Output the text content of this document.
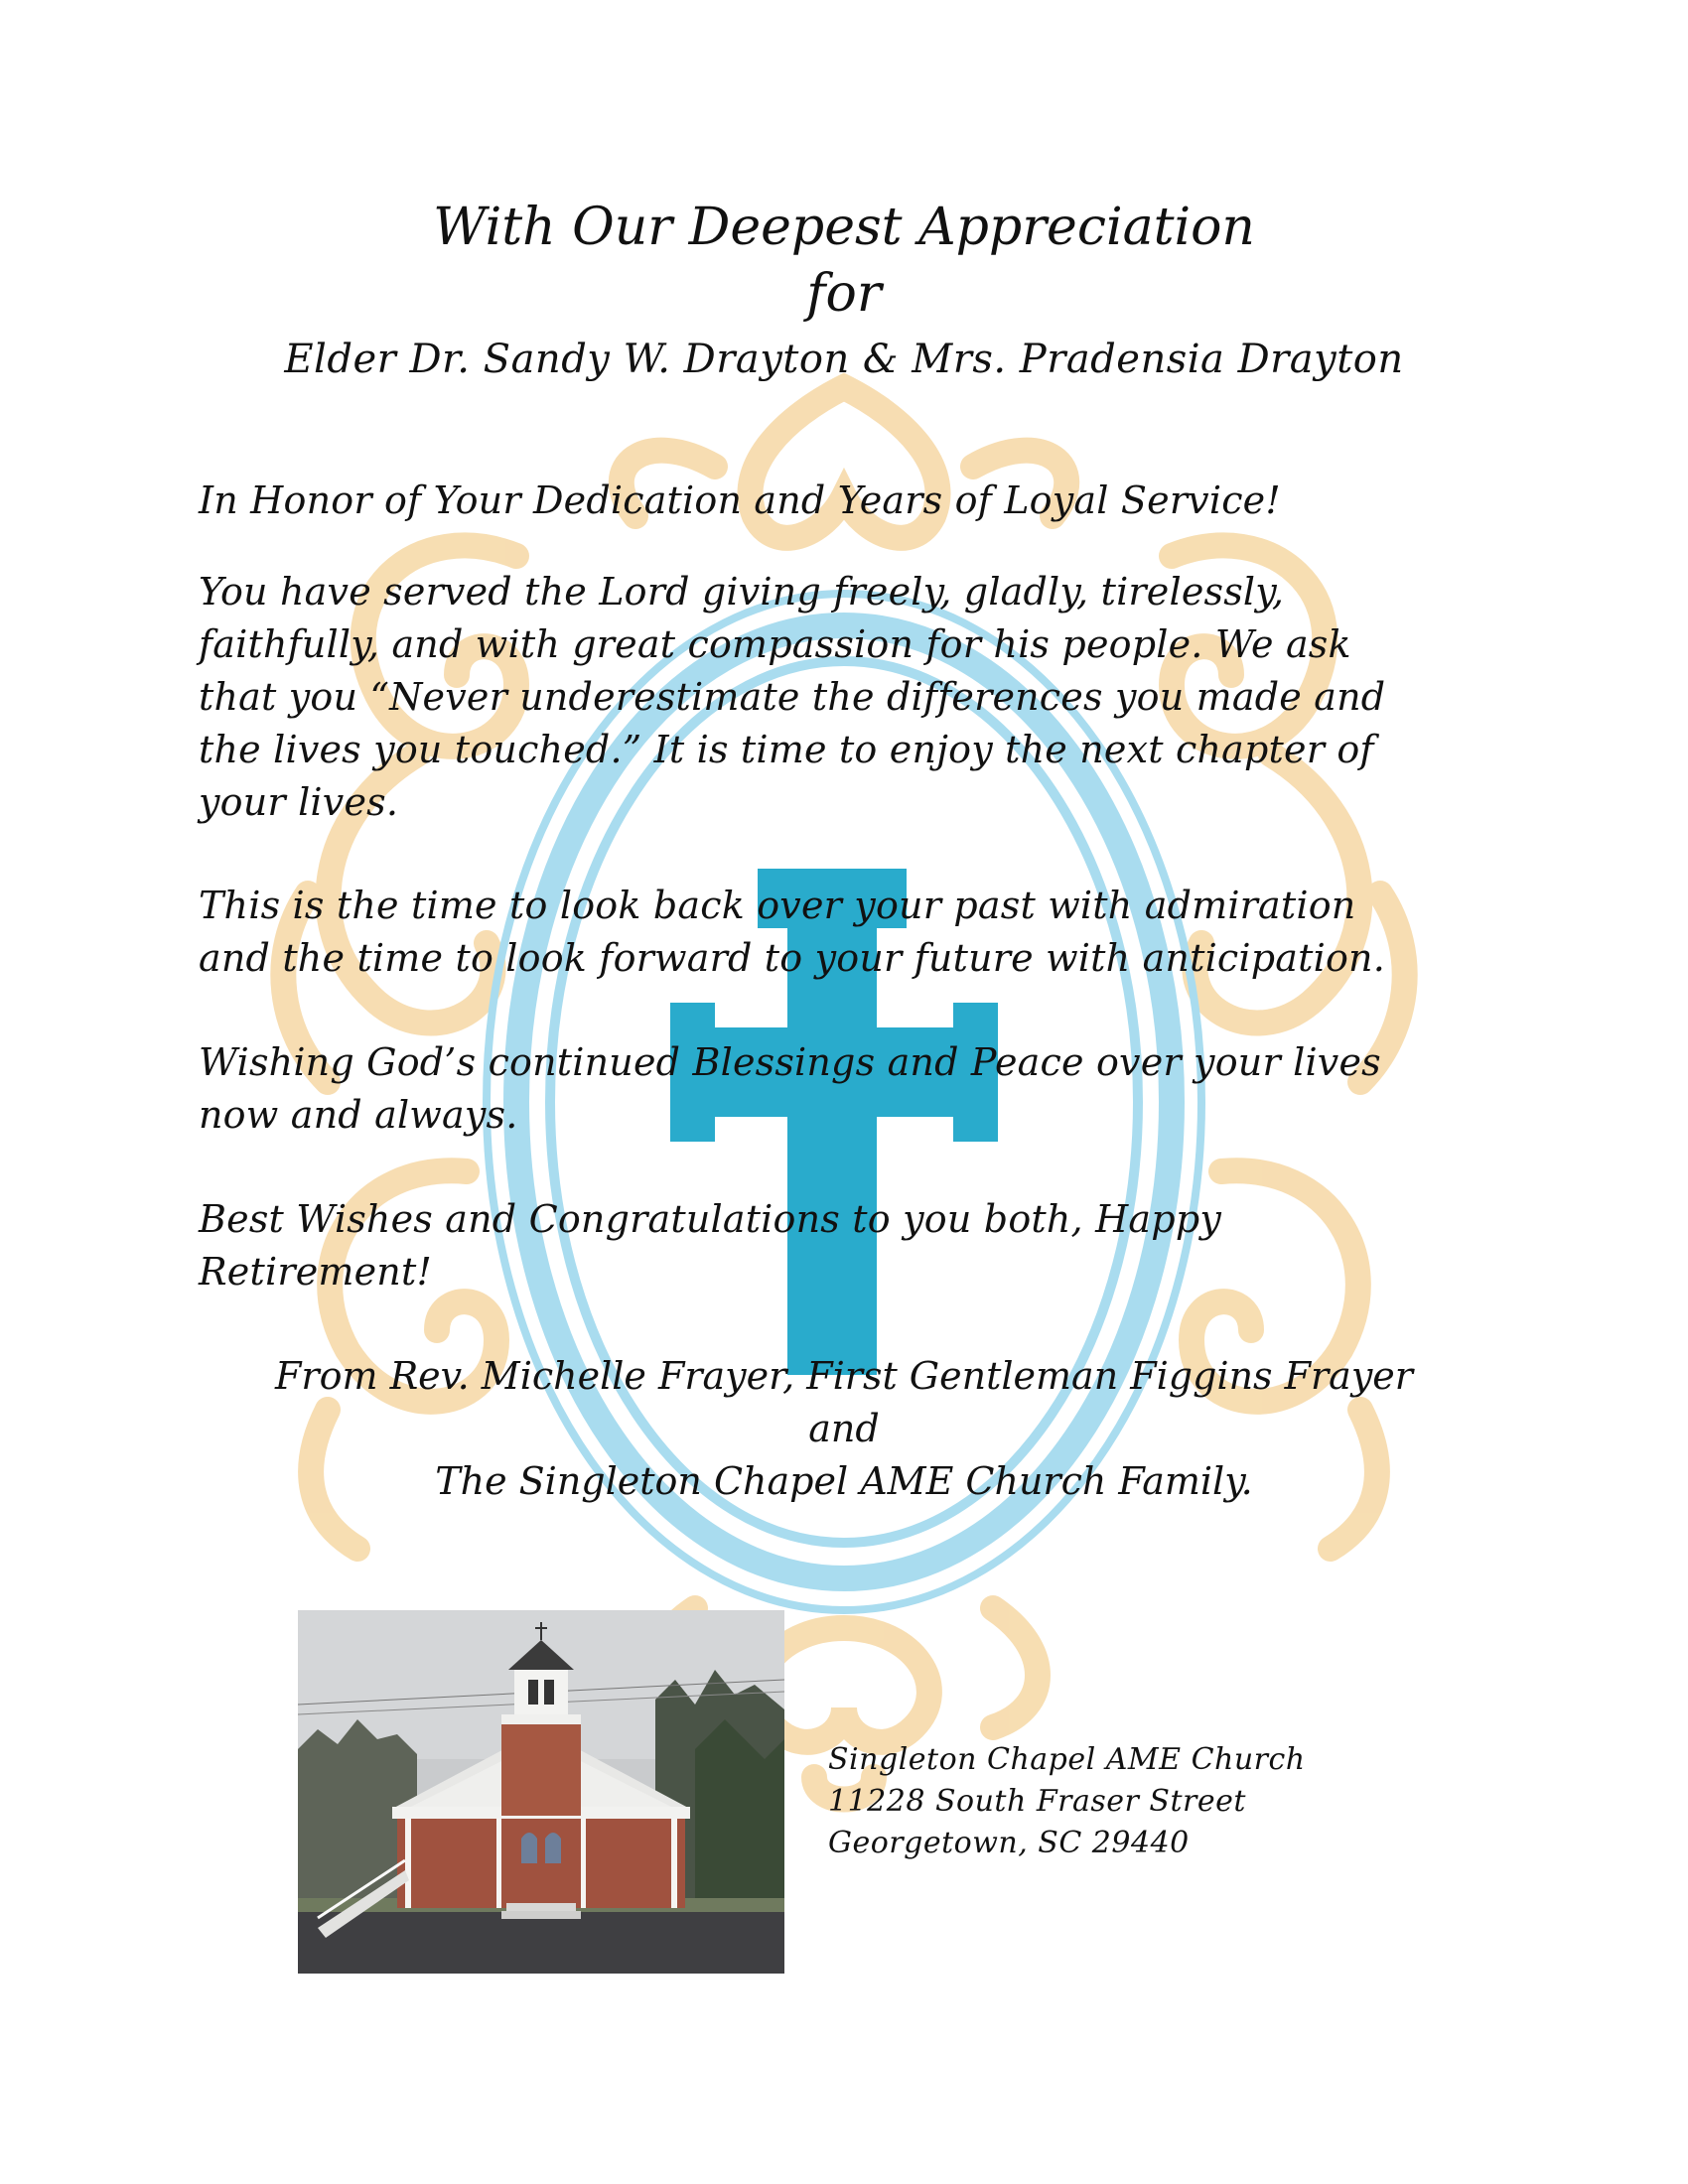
With Our Deepest Appreciation
for
Elder Dr. Sandy W. Drayton & Mrs. Pradensia Drayton
In Honor of Your Dedication and Years of Loyal Service!
You have served the Lord giving freely, gladly, tirelessly,
faithfully, and with great compassion for his people. We ask
that you “Never underestimate the differences you made and
the lives you touched.” It is time to enjoy the next chapter of
your lives.
This is the time to look back over your past with admiration
and the time to look forward to your future with anticipation.
Wishing God’s continued Blessings and Peace over your lives
now and always.
Best Wishes and Congratulations to you both, Happy
Retirement!
From Rev. Michelle Frayer, First Gentleman Figgins Frayer
and
The Singleton Chapel AME Church Family.
Singleton Chapel AME Church
11228 South Fraser Street
Georgetown, SC 29440
